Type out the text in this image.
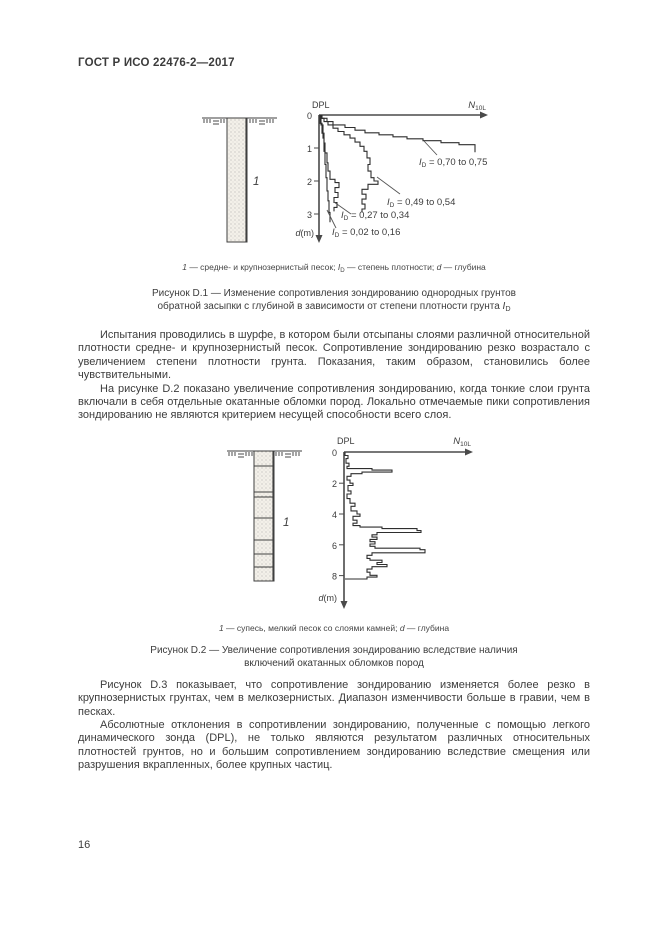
ГОСТ Р ИСО 22476-2—2017
1
DPL	$N_{10L}$
0
1
2
3
d(m)
$I_D = 0,70$ to 0,75
$I_D = 0,49$ to 0,54
$I_D = 0,27$ to 0,34
$I_D = 0,02$ to 0,16

1 — средне- и крупнозернистый песок; $I_D$ — степень плотности; d — глубина

Рисунок D.1 — Изменение сопротивления зондированию однородных грунтов
обратной засыпки с глубиной в зависимости от степени плотности грунта $I_D$

Испытания проводились в шурфе, в котором были отсыпаны слоями различной относительной плотности средне- и крупнозернистый песок. Сопротивление зондированию резко возрастало с увеличением степени плотности грунта. Показания, таким образом, становились более чувствительными.

На рисунке D.2 показано увеличение сопротивления зондированию, когда тонкие слои грунта включали в себя отдельные окатанные обломки пород. Локально отмечаемые пики сопротивления зондированию не являются критерием несущей способности всего слоя.

1
DPL	$N_{10L}$
0
2
4
6
8
d(m)

1 — супесь, мелкий песок со слоями камней; d — глубина

Рисунок D.2 — Увеличение сопротивления зондированию вследствие наличия
включений окатанных обломков пород

Рисунок D.3 показывает, что сопротивление зондированию изменяется более резко в крупнозернистых грунтах, чем в мелкозернистых. Диапазон изменчивости больше в гравии, чем в песках.

Абсолютные отклонения в сопротивлении зондированию, полученные с помощью легкого динамического зонда (DPL), не только являются результатом различных относительных плотностей грунтов, но и большим сопротивлением зондированию вследствие смещения или разрушения вкрапленных, более крупных частиц.

16
